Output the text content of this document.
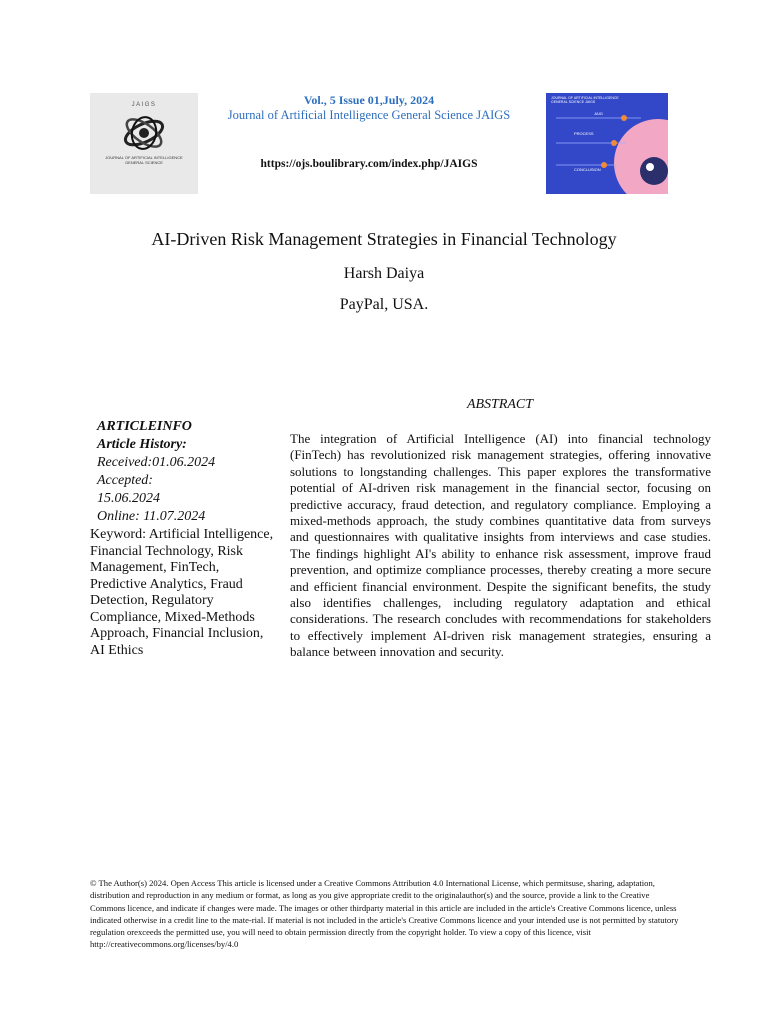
JAIGS
JOURNAL OF ARTIFICIAL INTELLIGENCE GENERAL SCIENCE
Vol., 5 Issue 01,July, 2024
Journal of Artificial Intelligence General Science JAIGS
https://ojs.boulibrary.com/index.php/JAIGS
JOURNAL OF ARTIFICIAL INTELLIGENCE
GENERAL SCIENCE JAIGS
JAIG
PROCESS
CONCLUSION
AI-Driven Risk Management Strategies in Financial Technology
Harsh Daiya
PayPal, USA.
ARTICLEINFO
Article History:
Received:01.06.2024
Accepted:
15.06.2024
Online: 11.07.2024
Keyword: Artificial Intelligence, Financial Technology, Risk Management, FinTech, Predictive Analytics, Fraud Detection, Regulatory Compliance, Mixed-Methods Approach, Financial Inclusion, AI Ethics
ABSTRACT
The integration of Artificial Intelligence (AI) into financial technology (FinTech) has revolutionized risk management strategies, offering innovative solutions to longstanding challenges. This paper explores the transformative potential of AI-driven risk management in the financial sector, focusing on predictive accuracy, fraud detection, and regulatory compliance. Employing a mixed-methods approach, the study combines quantitative data from surveys and questionnaires with qualitative insights from interviews and case studies. The findings highlight AI's ability to enhance risk assessment, improve fraud prevention, and optimize compliance processes, thereby creating a more secure and efficient financial environment. Despite the significant benefits, the study also identifies challenges, including regulatory adaptation and ethical considerations. The research concludes with recommendations for stakeholders to effectively implement AI-driven risk management strategies, ensuring a balance between innovation and security.
© The Author(s) 2024. Open Access This article is licensed under a Creative Commons Attribution 4.0 International License, which permitsuse, sharing, adaptation, distribution and reproduction in any medium or format, as long as you give appropriate credit to the originalauthor(s) and the source, provide a link to the Creative Commons licence, and indicate if changes were made. The images or other thirdparty material in this article are included in the article's Creative Commons licence, unless indicated otherwise in a credit line to the mate-rial. If material is not included in the article's Creative Commons licence and your intended use is not permitted by statutory regulation orexceeds the permitted use, you will need to obtain permission directly from the copyright holder. To view a copy of this licence, visit http://creativecommons.org/licenses/by/4.0
